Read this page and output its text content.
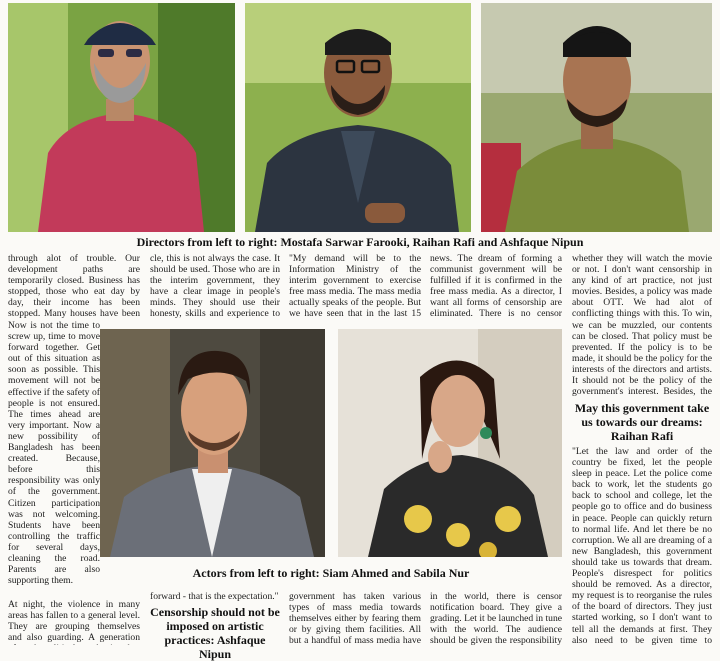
Directors from left to right: Mostafa Sarwar Farooki, Raihan Rafi and Ashfaque Nipun
through alot of trouble. Our development paths are temporarily closed. Business has stopped, those who eat day by day, their income has been stopped. Many houses have been
Now is not the time to screw up, time to move forward together. Get out of this situation as soon as possible. This movement will not be effective if the safety of people is not ensured. The times ahead are very important. Now a new possibility of Bangladesh has been created. Because, before this responsibility was only of the government. Citizen participation was not welcoming. Students have been controlling the traffic for several days, cleaning the road. Parents are also supporting them.
At night, the violence in many areas has fallen to a general level. They are grouping themselves and also guarding. A generation
cle, this is not always the case. It should be used. Those who are in the interim government, they have a clear image in people's minds. They should use their honesty, skills and experience to
forward - that is the expectation."
Censorship should not be imposed on artistic practices: Ashfaque Nipun
"My demand will be to the Information Ministry of the interim government to exercise free mass media. The mass media actually speaks of the people. But we have seen that in the last 15
government has taken various types of mass media towards themselves either by fearing them or by giving them facilities. All but a handful of mass media have
news. The dream of forming a communist government will be fulfilled if it is confirmed in the free mass media. As a director, I want all forms of censorship are eliminated. There is no censor
in the world, there is censor notification board. They give a grading. Let it be launched in tune with the world. The audience should be given the responsibility
whether they will watch the movie or not. I don't want censorship in any kind of art practice, not just movies. Besides, a policy was made about OTT. We had alot of conflicting things with this. To win, we can be muzzled, our contents can be closed. That policy must be prevented. If the policy is to be made, it should be the policy for the interests of the directors and artists. It should not be the policy of the government's interest. Besides, the
May this government take us towards our dreams: Raihan Rafi
"Let the law and order of the country be fixed, let the people sleep in peace. Let the police come back to work, let the students go back to school and college, let the people go to office and do business in peace. People can quickly return to normal life. And let there be no corruption. We all are dreaming of a new Bangladesh, this government should take us towards that dream. People's disrespect for politics should be removed. As a director, my request is to reorganise the rules of the board of directors. They just started working, so I don't want to tell all the demands at first. They also need to be given time to
Actors from left to right: Siam Ahmed and Sabila Nur
